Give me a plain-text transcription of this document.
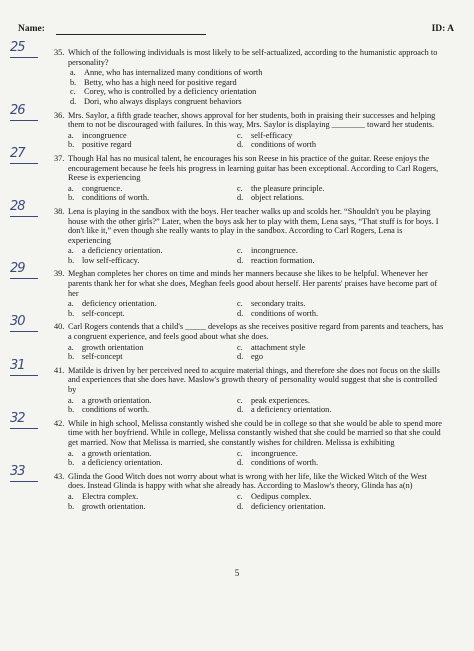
Name:	ID: A
25	35. Which of the following individuals is most likely to be self-actualized, according to the humanistic approach to personality?
a. Anne, who has internalized many conditions of worth
b. Betty, who has a high need for positive regard
c. Corey, who is controlled by a deficiency orientation
d. Dori, who always displays congruent behaviors
26	36. Mrs. Saylor, a fifth grade teacher, shows approval for her students, both in praising their successes and helping them to not be discouraged with failures. In this way, Mrs. Saylor is displaying ________ toward her students.
a. incongruence	c. self-efficacy
b. positive regard	d. conditions of worth
27	37. Though Hal has no musical talent, he encourages his son Reese in his practice of the guitar. Reese enjoys the encouragement because he feels his progress in learning guitar has been exceptional. According to Carl Rogers, Reese is experiencing
a. congruence.	c. the pleasure principle.
b. conditions of worth.	d. object relations.
28	38. Lena is playing in the sandbox with the boys. Her teacher walks up and scolds her. “Shouldn't you be playing house with the other girls?” Later, when the boys ask her to play with them, Lena says, “That stuff is for boys. I don't like it,” even though she really wants to play in the sandbox. According to Carl Rogers, Lena is experiencing
a. a deficiency orientation.	c. incongruence.
b. low self-efficacy.	d. reaction formation.
29	39. Meghan completes her chores on time and minds her manners because she likes to be helpful. Whenever her parents thank her for what she does, Meghan feels good about herself. Her parents' praises have become part of her
a. deficiency orientation.	c. secondary traits.
b. self-concept.	d. conditions of worth.
30	40. Carl Rogers contends that a child's _____ develops as she receives positive regard from parents and teachers, has a congruent experience, and feels good about what she does.
a. growth orientation	c. attachment style
b. self-concept	d. ego
31	41. Matilde is driven by her perceived need to acquire material things, and therefore she does not focus on the skills and experiences that she does have. Maslow's growth theory of personality would suggest that she is controlled by
a. a growth orientation.	c. peak experiences.
b. conditions of worth.	d. a deficiency orientation.
32	42. While in high school, Melissa constantly wished she could be in college so that she would be able to spend more time with her boyfriend. While in college, Melissa constantly wished that she could be married so that she could get married. Now that Melissa is married, she constantly wishes for children. Melissa is exhibiting
a. a growth orientation.	c. incongruence.
b. a deficiency orientation.	d. conditions of worth.
33	43. Glinda the Good Witch does not worry about what is wrong with her life, like the Wicked Witch of the West does. Instead Glinda is happy with what she already has. According to Maslow's theory, Glinda has a(n)
a. Electra complex.	c. Oedipus complex.
b. growth orientation.	d. deficiency orientation.
5
